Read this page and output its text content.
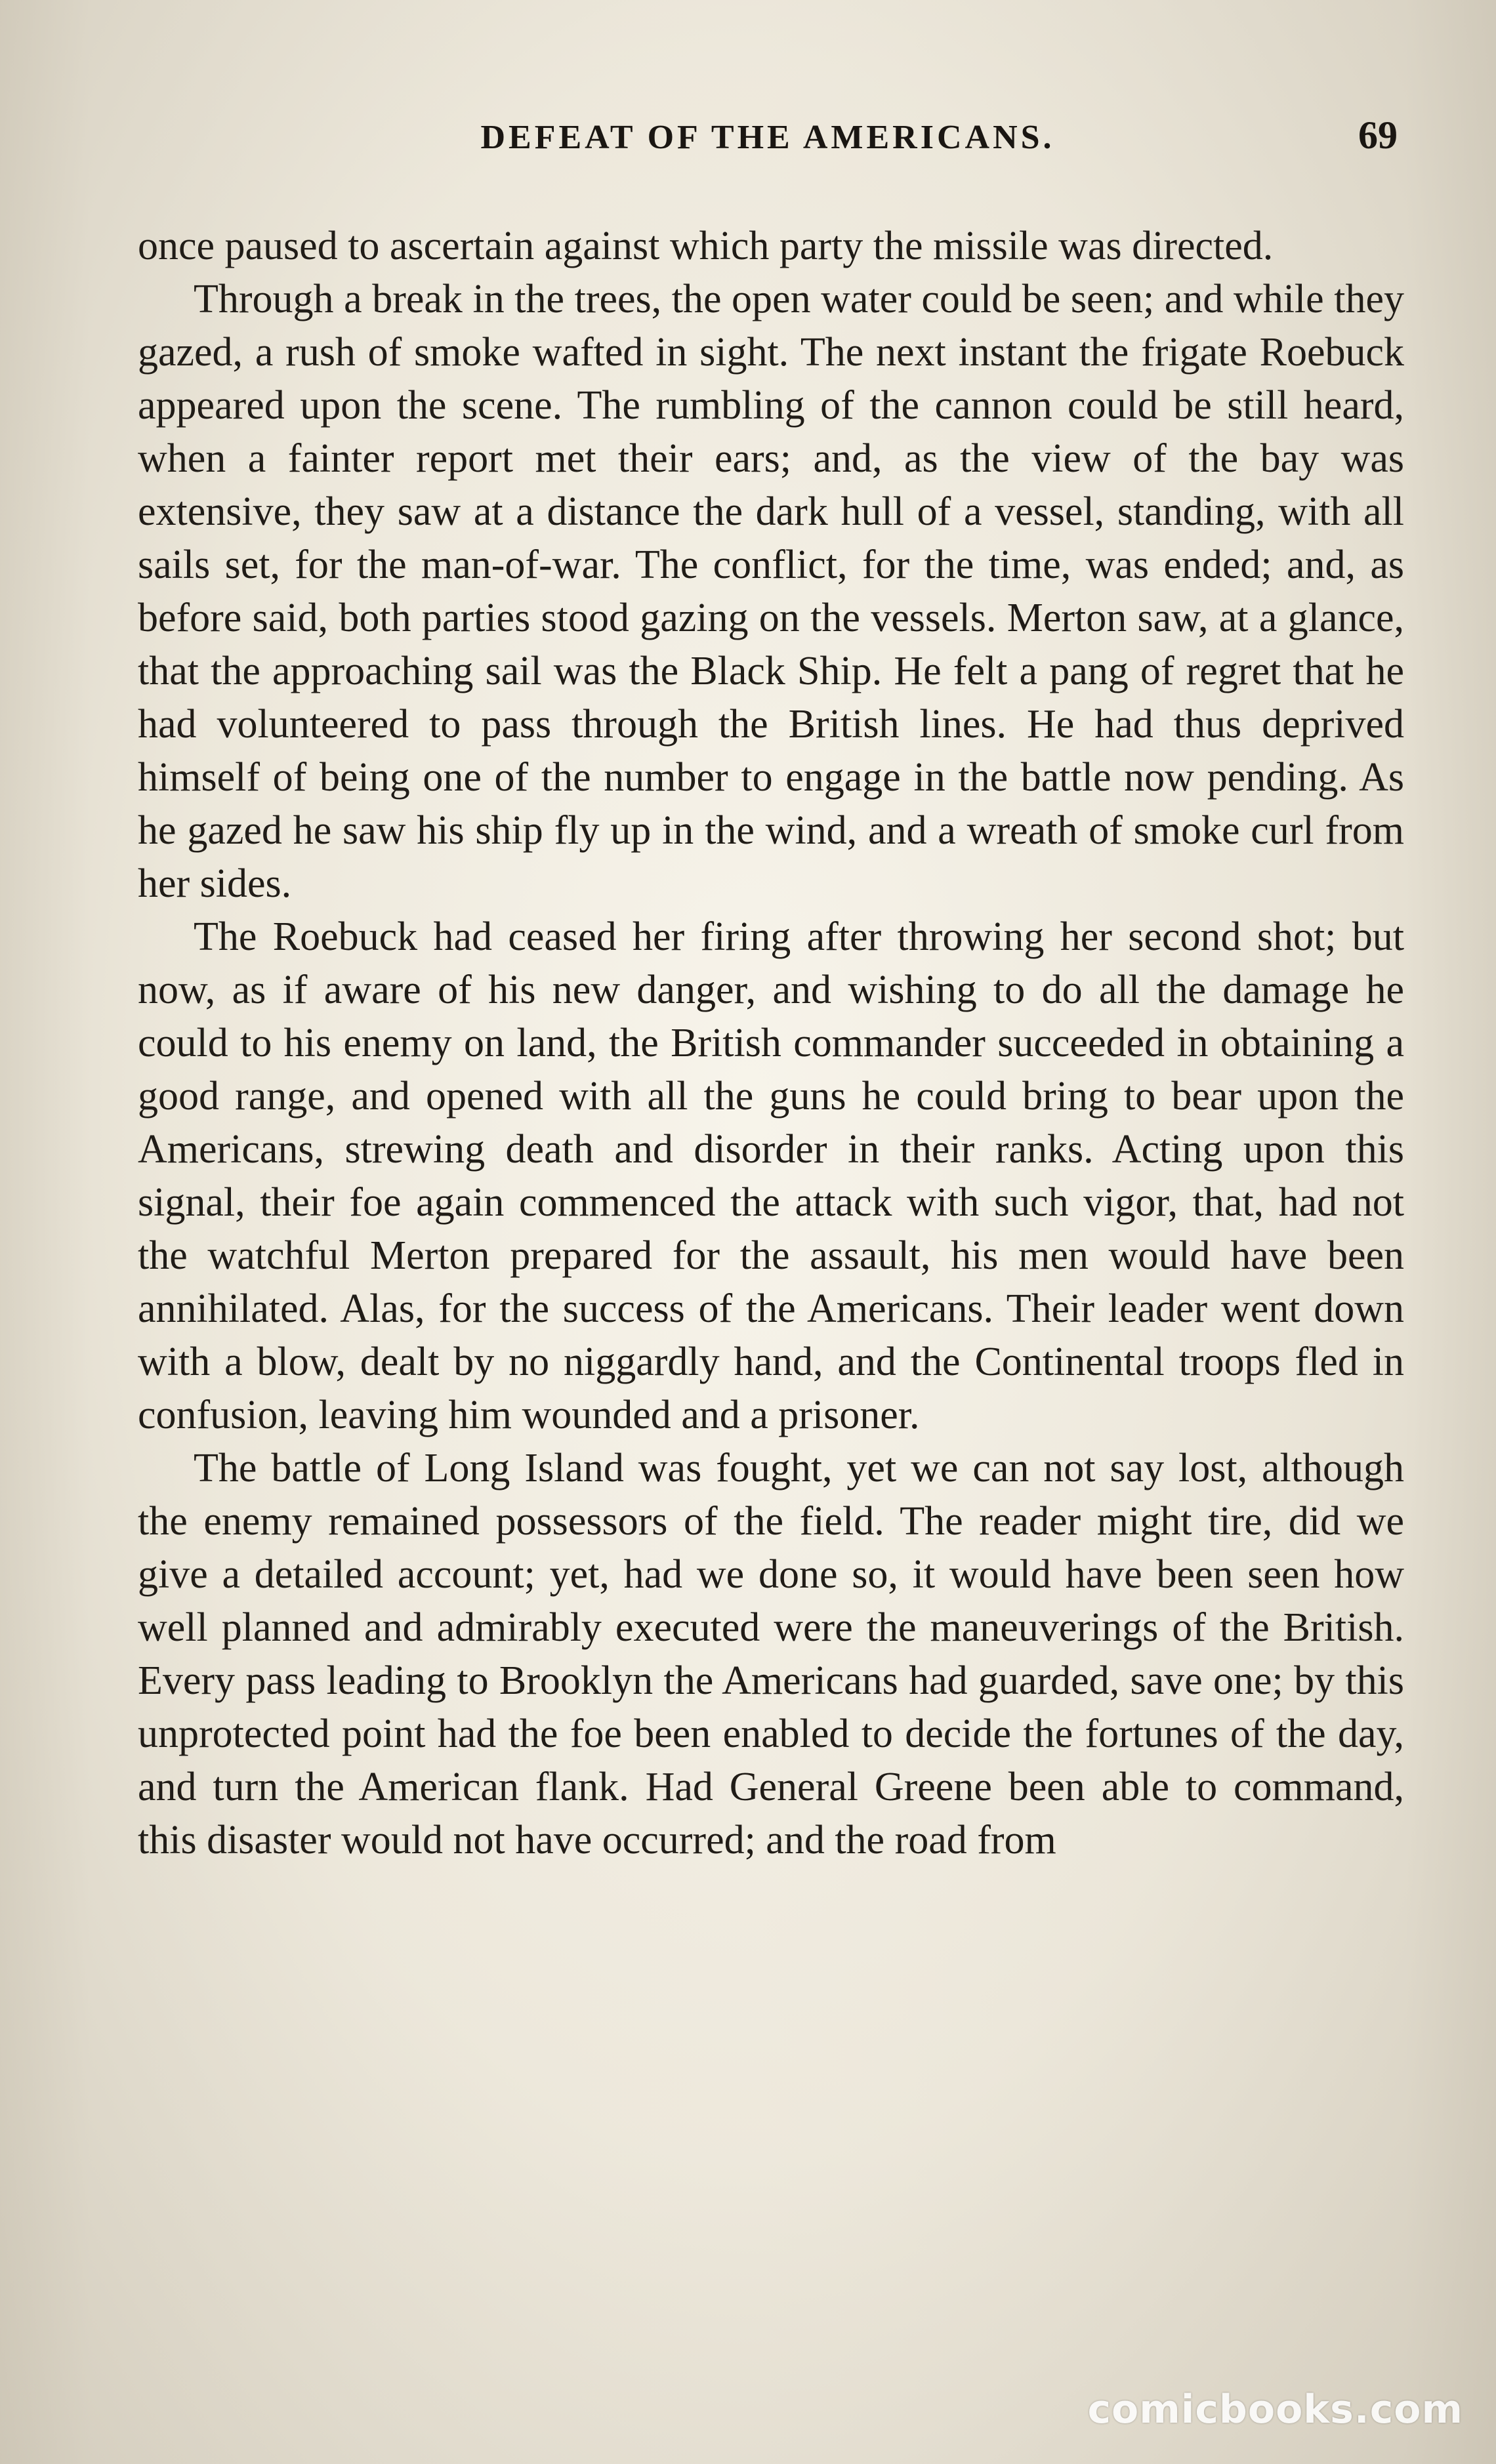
DEFEAT OF THE AMERICANS.	69

once paused to ascertain against which party the missile was directed.

Through a break in the trees, the open water could be seen; and while they gazed, a rush of smoke wafted in sight. The next instant the frigate Roebuck appeared upon the scene. The rumbling of the cannon could be still heard, when a fainter report met their ears; and, as the view of the bay was extensive, they saw at a distance the dark hull of a vessel, standing, with all sails set, for the man-of-war. The conflict, for the time, was ended; and, as before said, both parties stood gazing on the vessels. Merton saw, at a glance, that the approaching sail was the Black Ship. He felt a pang of regret that he had volunteered to pass through the British lines. He had thus deprived himself of being one of the number to engage in the battle now pending. As he gazed he saw his ship fly up in the wind, and a wreath of smoke curl from her sides.

The Roebuck had ceased her firing after throwing her second shot; but now, as if aware of his new danger, and wishing to do all the damage he could to his enemy on land, the British commander succeeded in obtaining a good range, and opened with all the guns he could bring to bear upon the Americans, strewing death and disorder in their ranks. Acting upon this signal, their foe again commenced the attack with such vigor, that, had not the watchful Merton prepared for the assault, his men would have been annihilated. Alas, for the success of the Americans. Their leader went down with a blow, dealt by no niggardly hand, and the Continental troops fled in confusion, leaving him wounded and a prisoner.

The battle of Long Island was fought, yet we can not say lost, although the enemy remained possessors of the field. The reader might tire, did we give a detailed account; yet, had we done so, it would have been seen how well planned and admirably executed were the maneuverings of the British. Every pass leading to Brooklyn the Americans had guarded, save one; by this unprotected point had the foe been enabled to decide the fortunes of the day, and turn the American flank. Had General Greene been able to command, this disaster would not have occurred; and the road from

comicbooks.com
